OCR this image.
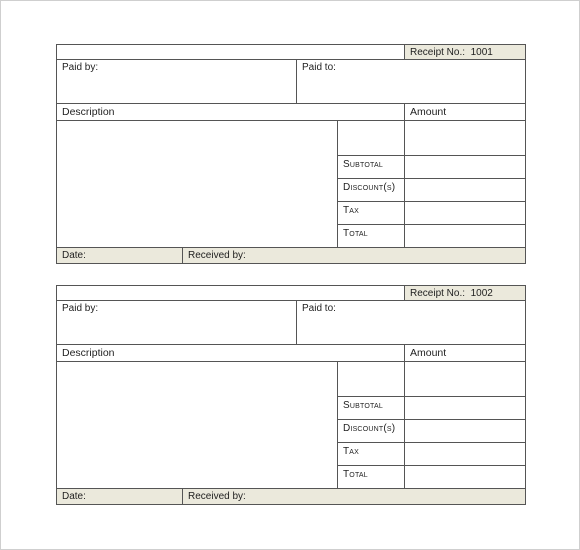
				Receipt No.: 1001

Paid by:		Paid to:		

Description				Amount

			Subtotal	

			Discount(s)	

			Tax	

			Total	

Date:	Received by:			

				Receipt No.: 1002

Paid by:		Paid to:		

Description				Amount

			Subtotal	

			Discount(s)	

			Tax	

			Total	

Date:	Received by:			
